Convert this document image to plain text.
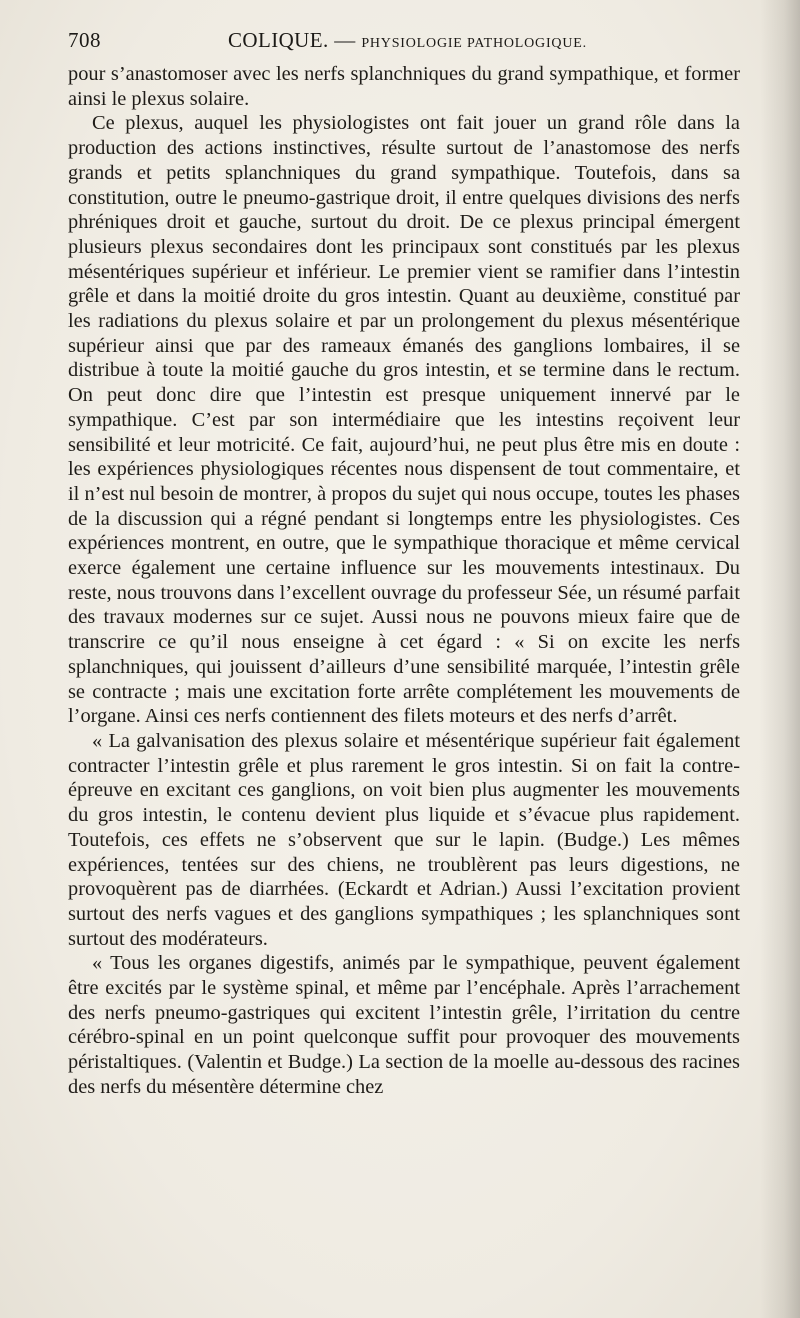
708	COLIQUE. — PHYSIOLOGIE PATHOLOGIQUE.

pour s’anastomoser avec les nerfs splanchniques du grand sympathique, et former ainsi le plexus solaire.

Ce plexus, auquel les physiologistes ont fait jouer un grand rôle dans la production des actions instinctives, résulte surtout de l’anastomose des nerfs grands et petits splanchniques du grand sympathique. Toutefois, dans sa constitution, outre le pneumo-gastrique droit, il entre quelques divisions des nerfs phréniques droit et gauche, surtout du droit. De ce plexus principal émergent plusieurs plexus secondaires dont les principaux sont constitués par les plexus mésentériques supérieur et inférieur. Le premier vient se ramifier dans l’intestin grêle et dans la moitié droite du gros intestin. Quant au deuxième, constitué par les radiations du plexus solaire et par un prolongement du plexus mésentérique supérieur ainsi que par des rameaux émanés des ganglions lombaires, il se distribue à toute la moitié gauche du gros intestin, et se termine dans le rectum. On peut donc dire que l’intestin est presque uniquement innervé par le sympathique. C’est par son intermédiaire que les intestins reçoivent leur sensibilité et leur motricité. Ce fait, aujourd’hui, ne peut plus être mis en doute : les expériences physiologiques récentes nous dispensent de tout commentaire, et il n’est nul besoin de montrer, à propos du sujet qui nous occupe, toutes les phases de la discussion qui a régné pendant si longtemps entre les physiologistes. Ces expériences montrent, en outre, que le sympathique thoracique et même cervical exerce également une certaine influence sur les mouvements intestinaux. Du reste, nous trouvons dans l’excellent ouvrage du professeur Sée, un résumé parfait des travaux modernes sur ce sujet. Aussi nous ne pouvons mieux faire que de transcrire ce qu’il nous enseigne à cet égard : « Si on excite les nerfs splanchniques, qui jouissent d’ailleurs d’une sensibilité marquée, l’intestin grêle se contracte ; mais une excitation forte arrête complétement les mouvements de l’organe. Ainsi ces nerfs contiennent des filets moteurs et des nerfs d’arrêt.

« La galvanisation des plexus solaire et mésentérique supérieur fait également contracter l’intestin grêle et plus rarement le gros intestin. Si on fait la contre-épreuve en excitant ces ganglions, on voit bien plus augmenter les mouvements du gros intestin, le contenu devient plus liquide et s’évacue plus rapidement. Toutefois, ces effets ne s’observent que sur le lapin. (Budge.) Les mêmes expériences, tentées sur des chiens, ne troublèrent pas leurs digestions, ne provoquèrent pas de diarrhées. (Eckardt et Adrian.) Aussi l’excitation provient surtout des nerfs vagues et des ganglions sympathiques ; les splanchniques sont surtout des modérateurs.

« Tous les organes digestifs, animés par le sympathique, peuvent également être excités par le système spinal, et même par l’encéphale. Après l’arrachement des nerfs pneumo-gastriques qui excitent l’intestin grêle, l’irritation du centre cérébro-spinal en un point quelconque suffit pour provoquer des mouvements péristaltiques. (Valentin et Budge.) La section de la moelle au-dessous des racines des nerfs du mésentère détermine chez
